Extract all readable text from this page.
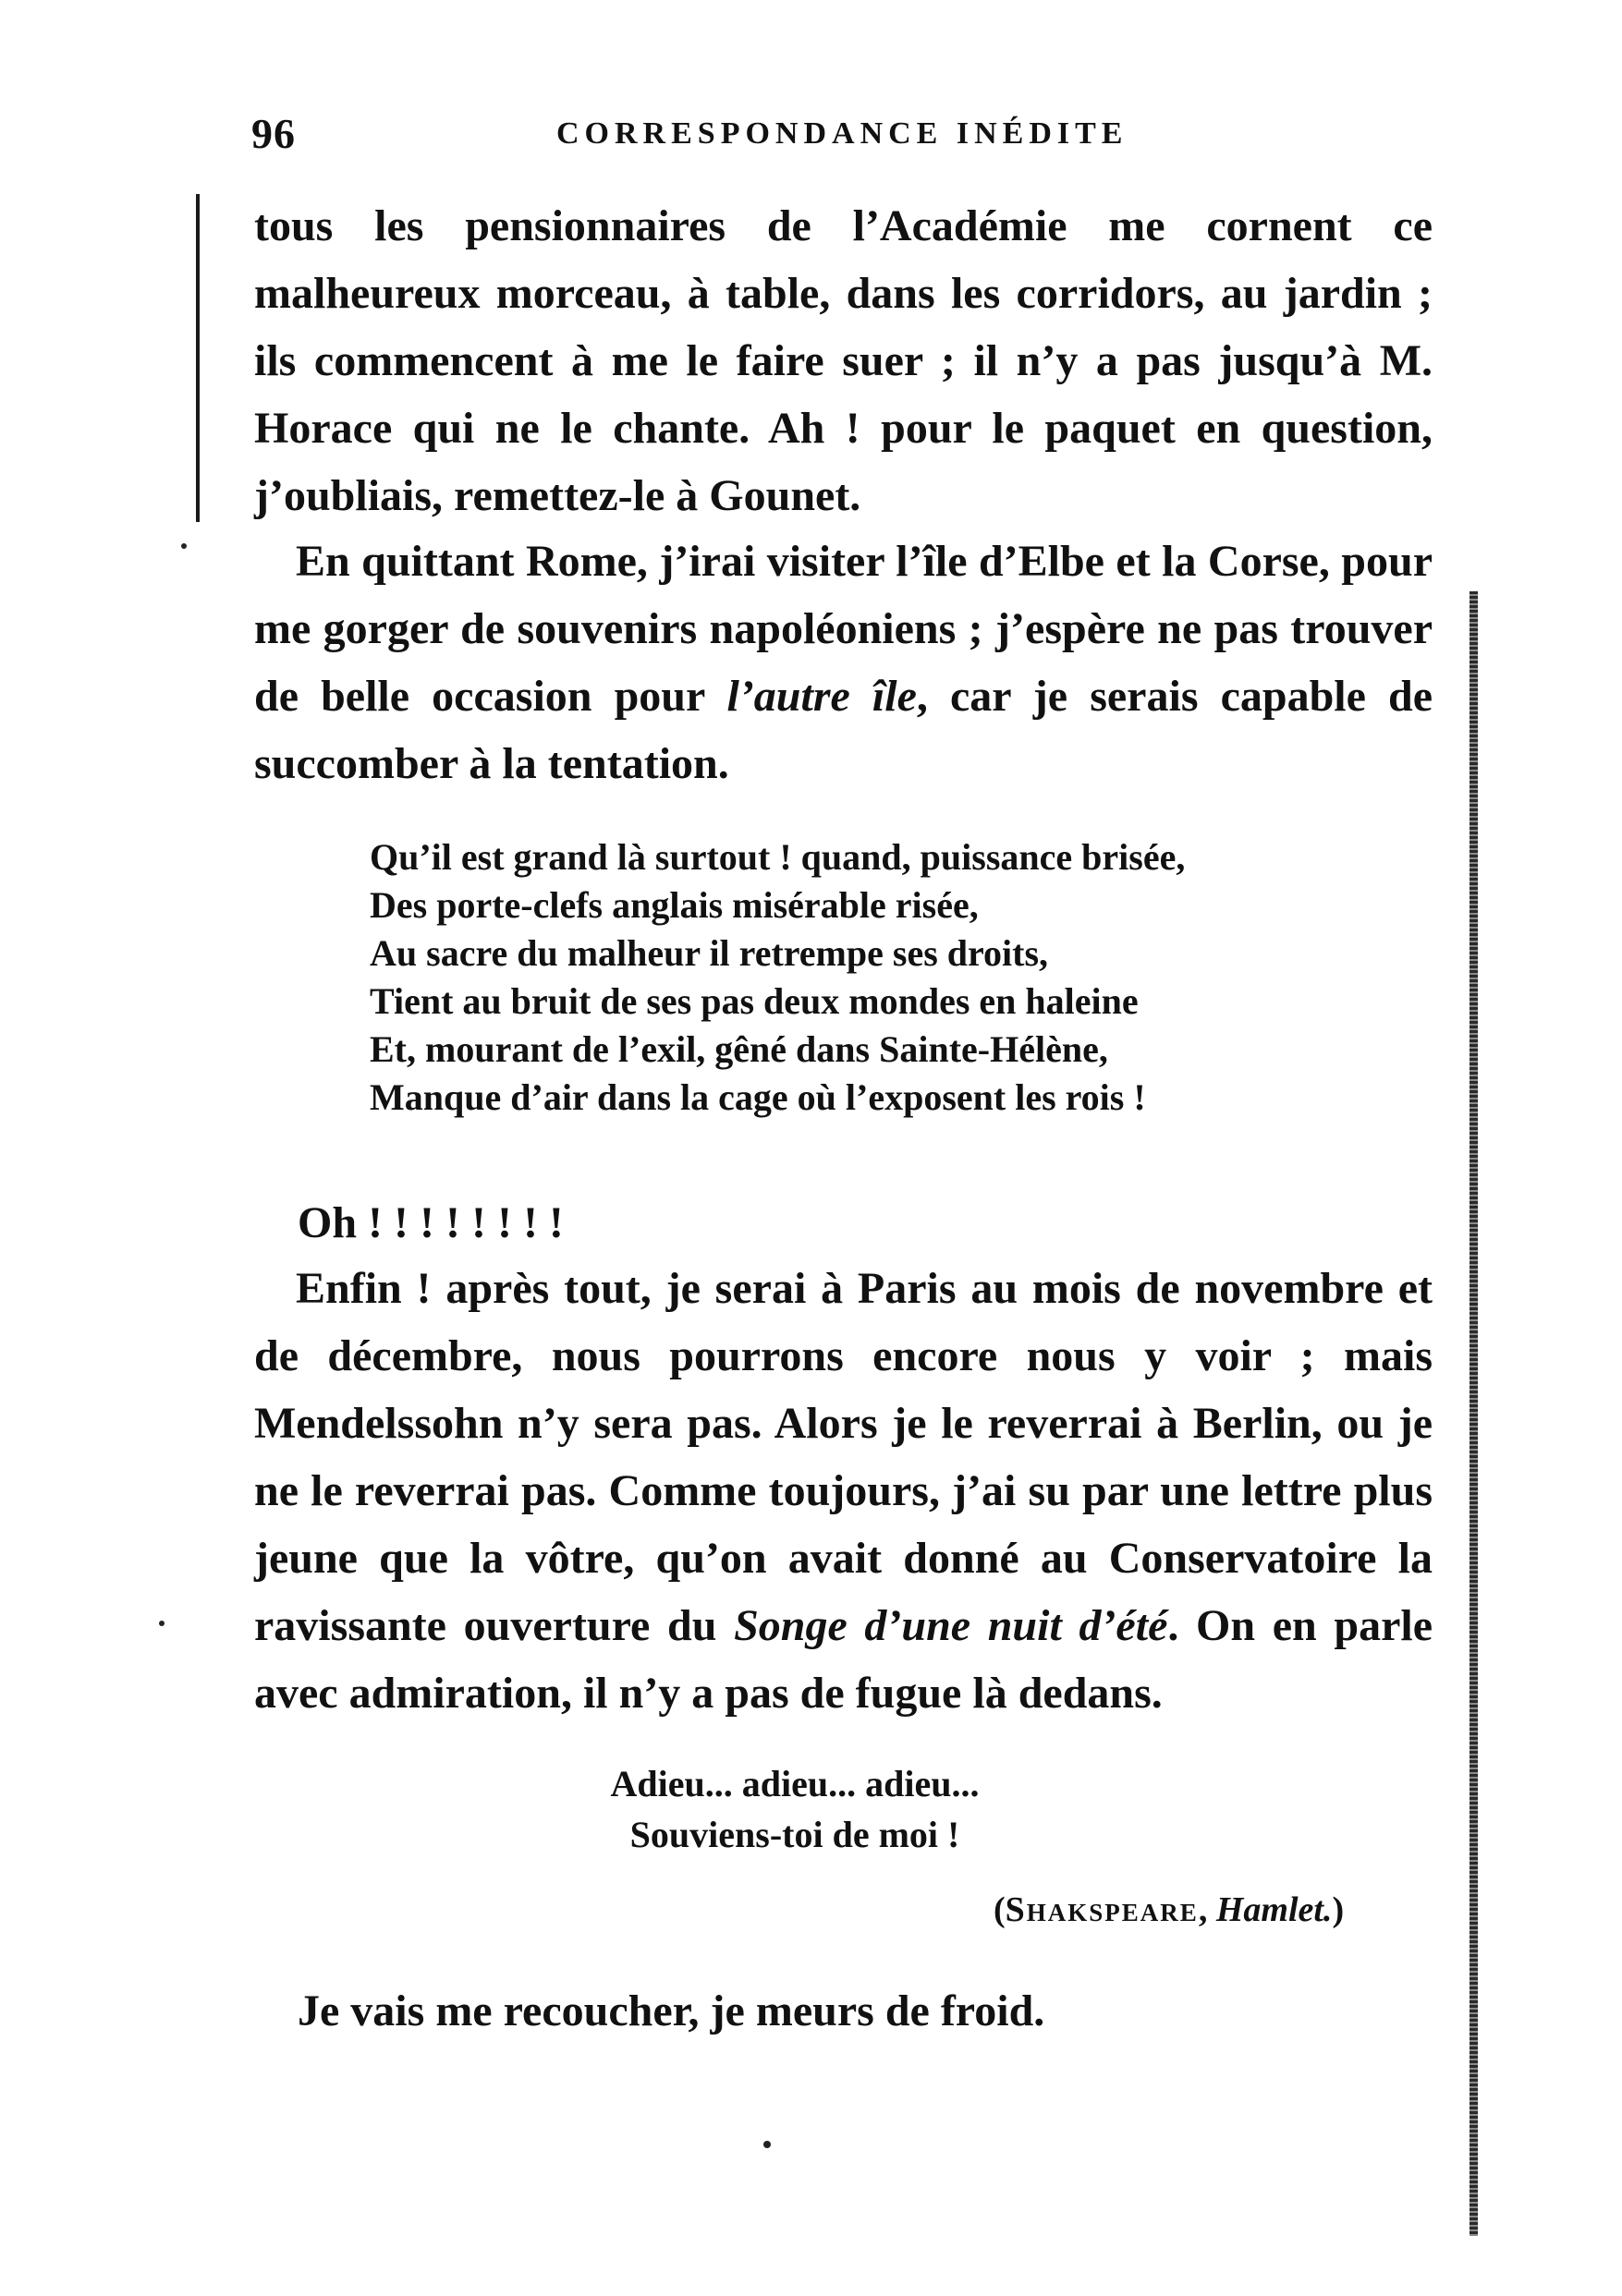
96	CORRESPONDANCE INÉDITE

tous les pensionnaires de l’Académie me cornent ce malheureux morceau, à table, dans les corridors, au jardin ; ils commencent à me le faire suer ; il n’y a pas jusqu’à M. Horace qui ne le chante. Ah ! pour le paquet en question, j’oubliais, remettez-le à Gounet.

En quittant Rome, j’irai visiter l’île d’Elbe et la Corse, pour me gorger de souvenirs napoléoniens ; j’espère ne pas trouver de belle occasion pour l’autre île, car je serais capable de succomber à la tentation.

Qu’il est grand là surtout ! quand, puissance brisée,
Des porte-clefs anglais misérable risée,
Au sacre du malheur il retrempe ses droits,
Tient au bruit de ses pas deux mondes en haleine
Et, mourant de l’exil, gêné dans Sainte-Hélène,
Manque d’air dans la cage où l’exposent les rois !
Oh ! ! ! ! ! ! ! !

Enfin ! après tout, je serai à Paris au mois de novembre et de décembre, nous pourrons encore nous y voir ; mais Mendelssohn n’y sera pas. Alors je le reverrai à Berlin, ou je ne le reverrai pas. Comme toujours, j’ai su par une lettre plus jeune que la vôtre, qu’on avait donné au Conservatoire la ravissante ouverture du Songe d’une nuit d’été. On en parle avec admiration, il n’y a pas de fugue là dedans.

Adieu... adieu... adieu...
Souviens-toi de moi !
(Shakspeare, Hamlet.)
Je vais me recoucher, je meurs de froid.
